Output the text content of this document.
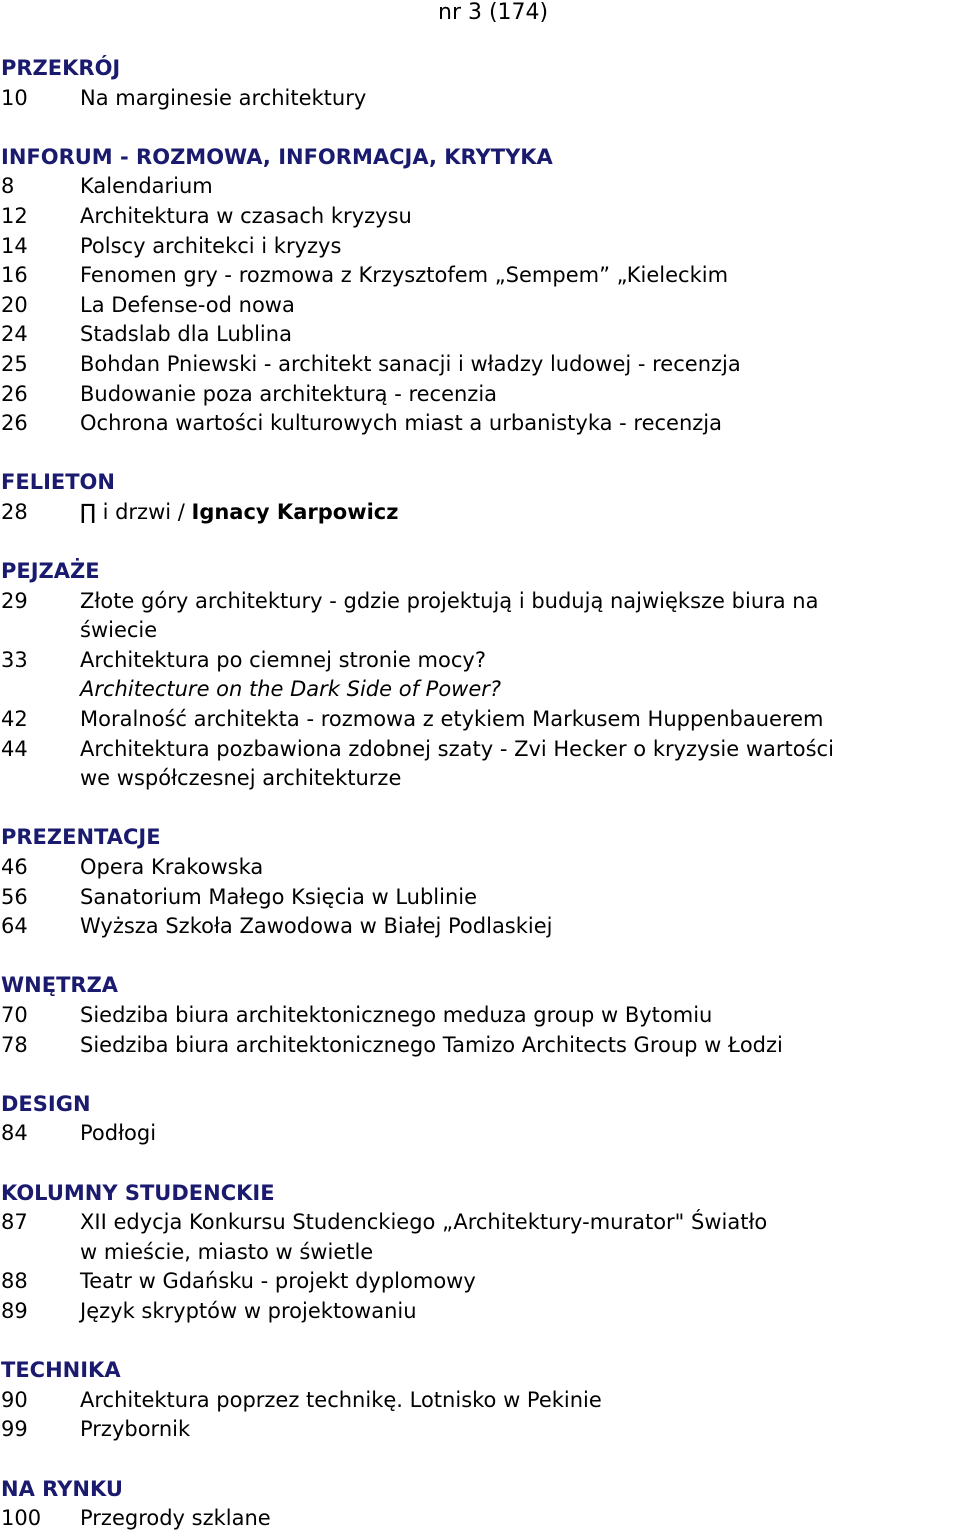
nr 3 (174)
PRZEKRÓJ
10	Na marginesie architektury
INFORUM - ROZMOWA, INFORMACJA, KRYTYKA
8	Kalendarium
12	Architektura w czasach kryzysu
14	Polscy architekci i kryzys
16	Fenomen gry - rozmowa z Krzysztofem „Sempem” „Kieleckim
20	La Defense-od nowa
24	Stadslab dla Lublina
25	Bohdan Pniewski - architekt sanacji i władzy ludowej - recenzja
26	Budowanie poza architekturą - recenzia
26	Ochrona wartości kulturowych miast a urbanistyka - recenzja
FELIETON
28	∏ i drzwi / Ignacy Karpowicz
PEJZAŻE
29	Złote góry architektury - gdzie projektują i budują największe biura na
świecie
33	Architektura po ciemnej stronie mocy?
Architecture on the Dark Side of Power?
42	Moralność architekta - rozmowa z etykiem Markusem Huppenbauerem
44	Architektura pozbawiona zdobnej szaty - Zvi Hecker o kryzysie wartości
we współczesnej architekturze
PREZENTACJE
46	Opera Krakowska
56	Sanatorium Małego Księcia w Lublinie
64	Wyższa Szkoła Zawodowa w Białej Podlaskiej
WNĘTRZA
70	Siedziba biura architektonicznego meduza group w Bytomiu
78	Siedziba biura architektonicznego Tamizo Architects Group w Łodzi
DESIGN
84	Podłogi
KOLUMNY STUDENCKIE
87	XII edycja Konkursu Studenckiego „Architektury-murator" Światło
w mieście, miasto w świetle
88	Teatr w Gdańsku - projekt dyplomowy
89	Język skryptów w projektowaniu
TECHNIKA
90	Architektura poprzez technikę. Lotnisko w Pekinie
99	Przybornik
NA RYNKU
100	Przegrody szklane
